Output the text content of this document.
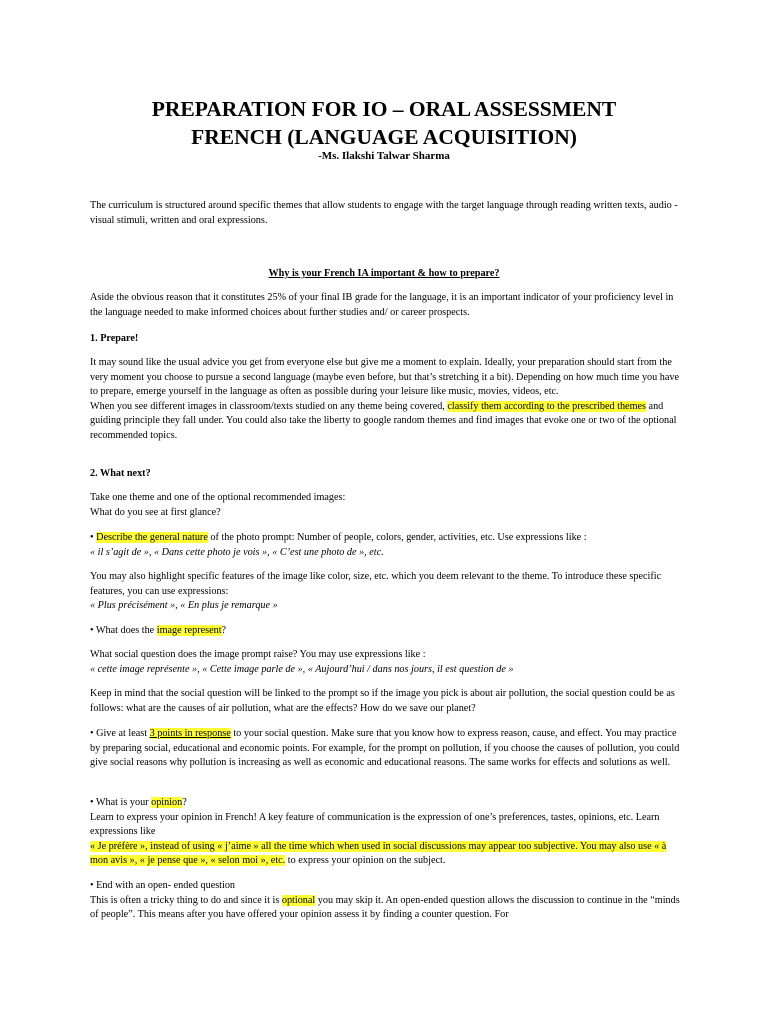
PREPARATION FOR IO – ORAL ASSESSMENT
FRENCH (LANGUAGE ACQUISITION)
-Ms. Ilakshi Talwar Sharma

The curriculum is structured around specific themes that allow students to engage with the target language through reading written texts, audio -visual stimuli, written and oral expressions.

Why is your French IA important & how to prepare?

Aside the obvious reason that it constitutes 25% of your final IB grade for the language, it is an important indicator of your proficiency level in the language needed to make informed choices about further studies and/ or career prospects.

1. Prepare!

It may sound like the usual advice you get from everyone else but give me a moment to explain. Ideally, your preparation should start from the very moment you choose to pursue a second language (maybe even before, but that’s stretching it a bit). Depending on how much time you have to prepare, emerge yourself in the language as often as possible during your leisure like music, movies, videos, etc.
When you see different images in classroom/texts studied on any theme being covered, classify them according to the prescribed themes and guiding principle they fall under. You could also take the liberty to google random themes and find images that evoke one or two of the optional recommended topics.

2. What next?

Take one theme and one of the optional recommended images:
What do you see at first glance?

• Describe the general nature of the photo prompt: Number of people, colors, gender, activities, etc. Use expressions like :
« il s’agit de », « Dans cette photo je vois », « C’est une photo de », etc.

You may also highlight specific features of the image like color, size, etc. which you deem relevant to the theme. To introduce these specific features, you can use expressions:
« Plus précisément », « En plus je remarque »

• What does the image represent?

What social question does the image prompt raise? You may use expressions like :
« cette image représente », « Cette image parle de », « Aujourd’hui / dans nos jours, il est question de »

Keep in mind that the social question will be linked to the prompt so if the image you pick is about air pollution, the social question could be as follows: what are the causes of air pollution, what are the effects? How do we save our planet?

• Give at least 3 points in response to your social question. Make sure that you know how to express reason, cause, and effect. You may practice by preparing social, educational and economic points. For example, for the prompt on pollution, if you choose the causes of pollution, you could give social reasons why pollution is increasing as well as economic and educational reasons. The same works for effects and solutions as well.

• What is your opinion?
Learn to express your opinion in French! A key feature of communication is the expression of one’s preferences, tastes, opinions, etc. Learn expressions like
« Je préfère », instead of using « j’aime » all the time which when used in social discussions may appear too subjective. You may also use « à mon avis », « je pense que », « selon moi », etc. to express your opinion on the subject.

• End with an open- ended question
This is often a tricky thing to do and since it is optional you may skip it. An open-ended question allows the discussion to continue in the “minds of people”. This means after you have offered your opinion assess it by finding a counter question. For
